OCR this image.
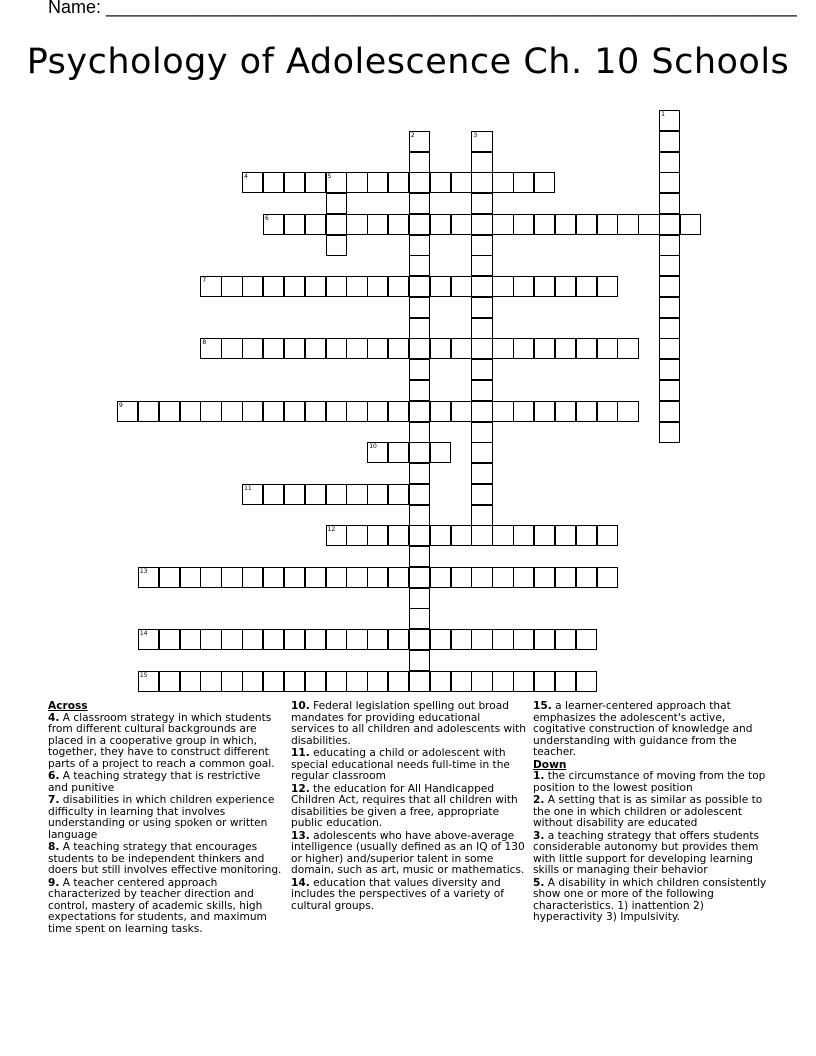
Name: _____________________________________________________________________
Psychology of Adolescence Ch. 10 Schools
1
2	3
4	5
6
7
8
9
10
11
12
13
14
15
Across
4. A classroom strategy in which students from different cultural backgrounds are placed in a cooperative group in which, together, they have to construct different parts of a project to reach a common goal.
6. A teaching strategy that is restrictive and punitive
7. disabilities in which children experience difficulty in learning that involves understanding or using spoken or written language
8. A teaching strategy that encourages students to be independent thinkers and doers but still involves effective monitoring.
9. A teacher centered approach characterized by teacher direction and control, mastery of academic skills, high expectations for students, and maximum time spent on learning tasks.
10. Federal legislation spelling out broad mandates for providing educational services to all children and adolescents with disabilities.
11. educating a child or adolescent with special educational needs full-time in the regular classroom
12. the education for All Handicapped Children Act, requires that all children with disabilities be given a free, appropriate public education.
13. adolescents who have above-average intelligence (usually defined as an IQ of 130 or higher) and/superior talent in some domain, such as art, music or mathematics.
14. education that values diversity and includes the perspectives of a variety of cultural groups.
15. a learner-centered approach that emphasizes the adolescent's active, cogitative construction of knowledge and understanding with guidance from the teacher.
Down
1. the circumstance of moving from the top position to the lowest position
2. A setting that is as similar as possible to the one in which children or adolescent without disability are educated
3. a teaching strategy that offers students considerable autonomy but provides them with little support for developing learning skills or managing their behavior
5. A disability in which children consistently show one or more of the following characteristics. 1) inattention 2) hyperactivity 3) Impulsivity.
